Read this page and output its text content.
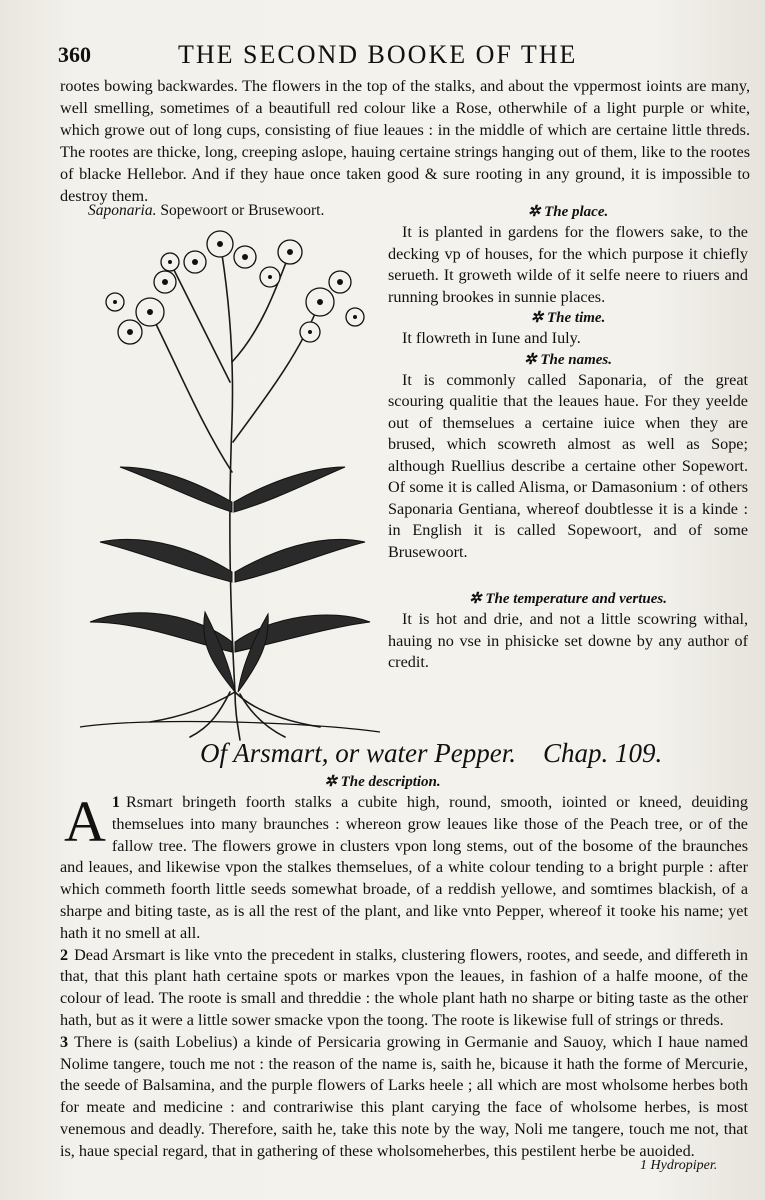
360	THE SECOND BOOKE OF THE
rootes bowing backwardes. The flowers in the top of the stalks, and about the vppermost ioints are many, well smelling, sometimes of a beautifull red colour like a Rose, otherwhile of a light purple or white, which growe out of long cups, consisting of fiue leaues : in the middle of which are certaine little threds. The rootes are thicke, long, creeping aslope, hauing certaine strings hanging out of them, like to the rootes of blacke Hellebor. And if they haue once taken good & sure rooting in any ground, it is impossible to destroy them.
Saponaria. Sopewoort or Brusewoort.	✲ The place.

It is planted in gardens for the flowers sake, to the decking vp of houses, for the which purpose it chiefly serueth. It groweth wilde of it selfe neere to riuers and running brookes in sunnie places.

✲ The time.

It flowreth in Iune and Iuly.

✲ The names.

It is commonly called Saponaria, of the great scouring qualitie that the leaues haue. For they yeelde out of themselues a certaine iuice when they are brused, which scowreth almost as well as Sope; although Ruellius describe a certaine other Sopewort. Of some it is called Alisma, or Damasonium : of others Saponaria Gentiana, whereof doubtlesse it is a kinde : in English it is called Sopewoort, and of some Brusewoort.

✲ The temperature and vertues.

It is hot and drie, and not a little scowring withal, hauing no vse in phisicke set downe by any author of credit.

Of Arsmart, or water Pepper. Chap. 109.
✲ The description.

1
A Rsmart bringeth foorth stalks a cubite high, round, smooth, iointed or kneed, deuiding themselues into many braunches : whereon grow leaues like those of the Peach tree, or of the fallow tree. The flowers growe in clusters vpon long stems, out of the bosome of the braunches and leaues, and likewise vpon the stalkes themselues, of a white colour tending to a bright purple : after which commeth foorth little seeds somewhat broade, of a reddish yellowe, and somtimes blackish, of a sharpe and biting taste, as is all the rest of the plant, and like vnto Pepper, whereof it tooke his name; yet hath it no smell at all.

2 Dead Arsmart is like vnto the precedent in stalks, clustering flowers, rootes, and seede, and differeth in that, that this plant hath certaine spots or markes vpon the leaues, in fashion of a halfe moone, of the colour of lead. The roote is small and threddie : the whole plant hath no sharpe or biting taste as the other hath, but as it were a little sower smacke vpon the toong. The roote is likewise full of strings or threds.

3 There is (saith Lobelius) a kinde of Persicaria growing in Germanie and Sauoy, which I haue named Nolime tangere, touch me not : the reason of the name is, saith he, bicause it hath the forme of Mercurie, the seede of Balsamina, and the purple flowers of Larks heele ; all which are most wholsome herbes both for meate and medicine : and contrariwise this plant carying the face of wholsome herbes, is most venemous and deadly. Therefore, saith he, take this note by the way, Noli me tangere, touch me not, that is, haue special regard, that in gathering of these wholsomeherbes, this pestilent herbe be auoided.

1 Hydropiper.
